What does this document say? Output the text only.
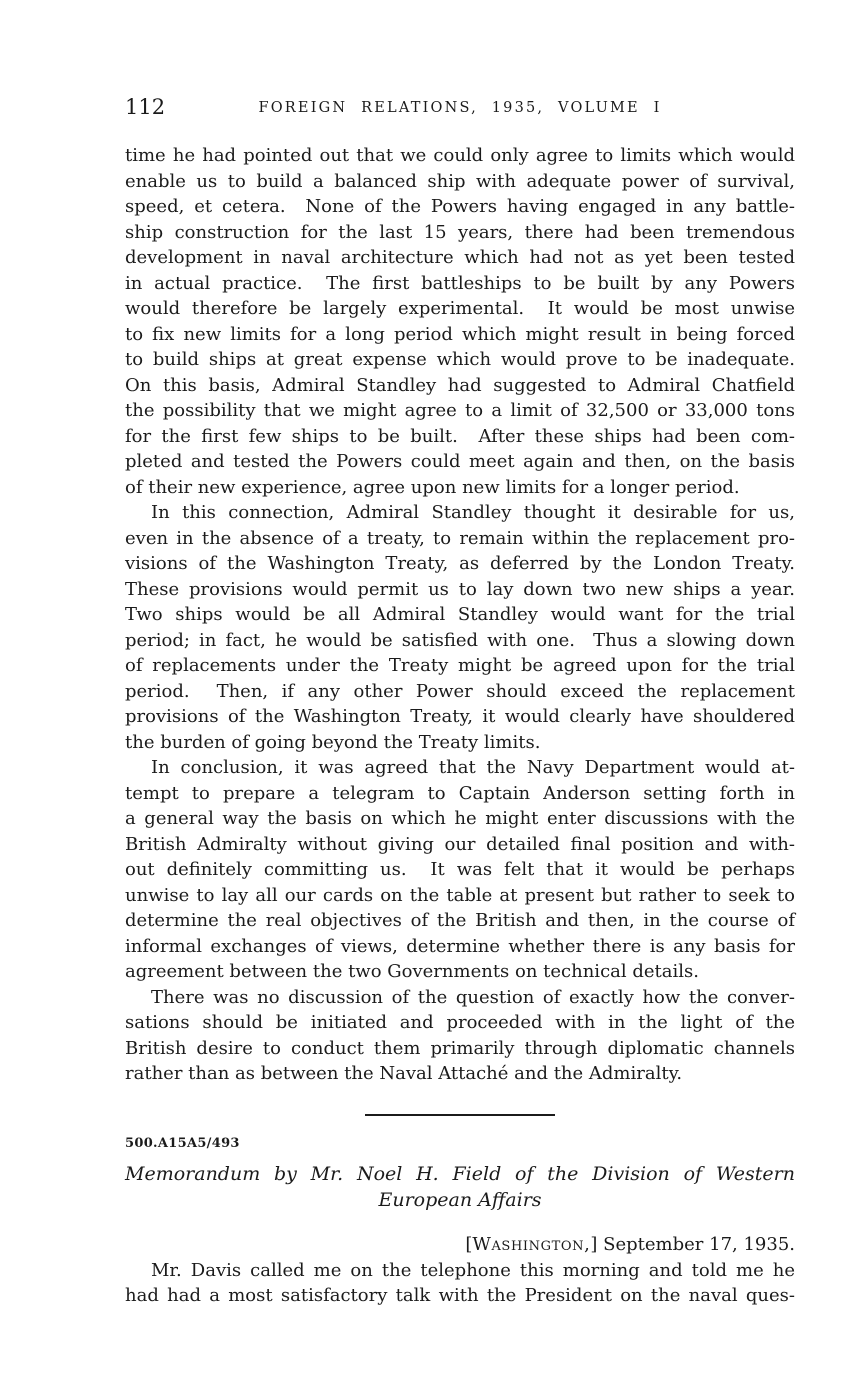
112	FOREIGN RELATIONS, 1935, VOLUME I
time he had pointed out that we could only agree to limits which would
enable us to build a balanced ship with adequate power of survival,
speed, et cetera.  None of the Powers having engaged in any battle-
ship construction for the last 15 years, there had been tremendous
development in naval architecture which had not as yet been tested
in actual practice.  The first battleships to be built by any Powers
would therefore be largely experimental.  It would be most unwise
to fix new limits for a long period which might result in being forced
to build ships at great expense which would prove to be inadequate.
On this basis, Admiral Standley had suggested to Admiral Chatfield
the possibility that we might agree to a limit of 32,500 or 33,000 tons
for the first few ships to be built.  After these ships had been com-
pleted and tested the Powers could meet again and then, on the basis
of their new experience, agree upon new limits for a longer period.
In this connection, Admiral Standley thought it desirable for us,
even in the absence of a treaty, to remain within the replacement pro-
visions of the Washington Treaty, as deferred by the London Treaty.
These provisions would permit us to lay down two new ships a year.
Two ships would be all Admiral Standley would want for the trial
period; in fact, he would be satisfied with one.  Thus a slowing down
of replacements under the Treaty might be agreed upon for the trial
period.  Then, if any other Power should exceed the replacement
provisions of the Washington Treaty, it would clearly have shouldered
the burden of going beyond the Treaty limits.
In conclusion, it was agreed that the Navy Department would at-
tempt to prepare a telegram to Captain Anderson setting forth in
a general way the basis on which he might enter discussions with the
British Admiralty without giving our detailed final position and with-
out definitely committing us.  It was felt that it would be perhaps
unwise to lay all our cards on the table at present but rather to seek to
determine the real objectives of the British and then, in the course of
informal exchanges of views, determine whether there is any basis for
agreement between the two Governments on technical details.
There was no discussion of the question of exactly how the conver-
sations should be initiated and proceeded with in the light of the
British desire to conduct them primarily through diplomatic channels
rather than as between the Naval Attaché and the Admiralty.
500.A15A5/493
Memorandum by Mr. Noel H. Field of the Division of Western
European Affairs
[Washington,] September 17, 1935.
Mr. Davis called me on the telephone this morning and told me he
had had a most satisfactory talk with the President on the naval ques-
